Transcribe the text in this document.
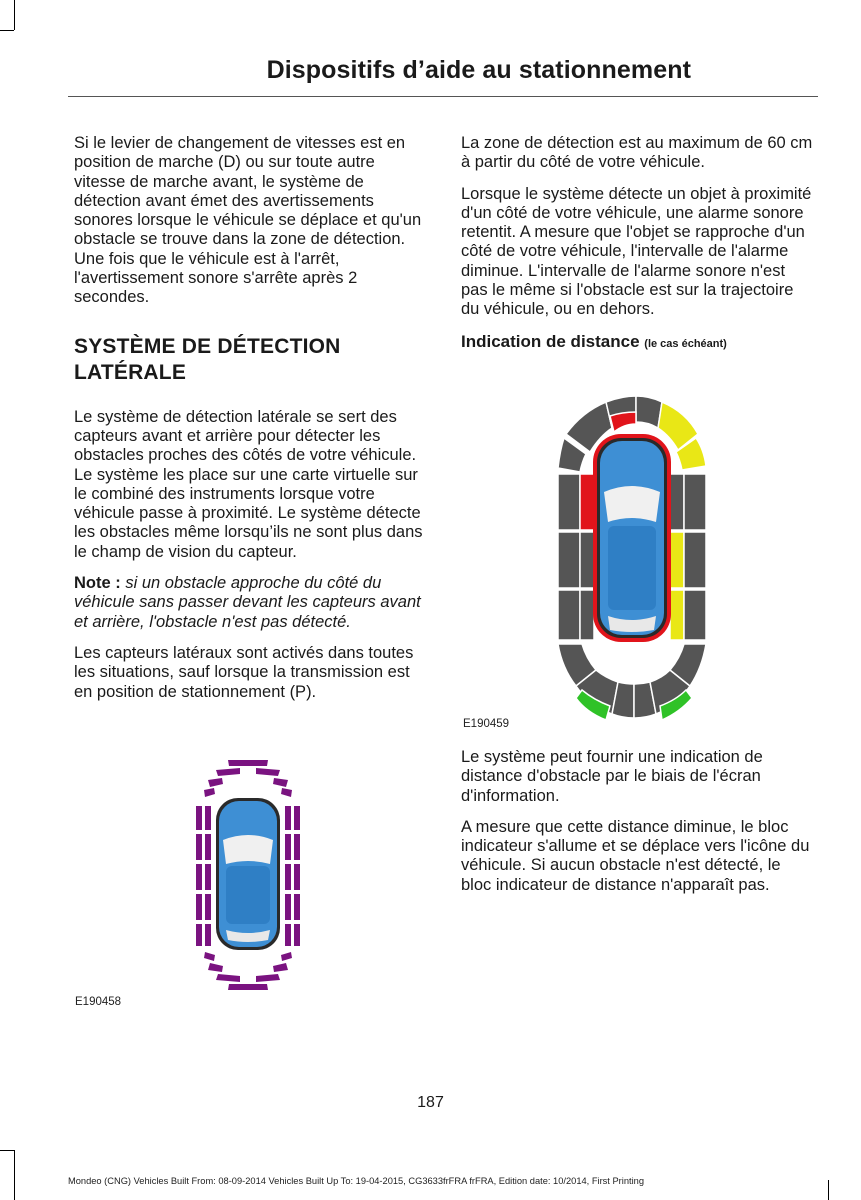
Dispositifs d’aide au stationnement

Si le levier de changement de vitesses est en position de marche (D) ou sur toute autre vitesse de marche avant, le système de détection avant émet des avertissements sonores lorsque le véhicule se déplace et qu'un obstacle se trouve dans la zone de détection. Une fois que le véhicule est à l'arrêt, l'avertissement sonore s'arrête après 2 secondes.

SYSTÈME DE DÉTECTION LATÉRALE

Le système de détection latérale se sert des capteurs avant et arrière pour détecter les obstacles proches des côtés de votre véhicule. Le système les place sur une carte virtuelle sur le combiné des instruments lorsque votre véhicule passe à proximité. Le système détecte les obstacles même lorsqu’ils ne sont plus dans le champ de vision du capteur.

Note : si un obstacle approche du côté du véhicule sans passer devant les capteurs avant et arrière, l'obstacle n'est pas détecté.

Les capteurs latéraux sont activés dans toutes les situations, sauf lorsque la transmission est en position de stationnement (P).

E190458

La zone de détection est au maximum de 60 cm à partir du côté de votre véhicule.

Lorsque le système détecte un objet à proximité d'un côté de votre véhicule, une alarme sonore retentit. A mesure que l'objet se rapproche d'un côté de votre véhicule, l'intervalle de l'alarme diminue. L'intervalle de l'alarme sonore n'est pas le même si l'obstacle est sur la trajectoire du véhicule, ou en dehors.

Indication de distance (le cas échéant)
E190459

Le système peut fournir une indication de distance d'obstacle par le biais de l'écran d'information.

A mesure que cette distance diminue, le bloc indicateur s'allume et se déplace vers l'icône du véhicule. Si aucun obstacle n'est détecté, le bloc indicateur de distance n'apparaît pas.

187
Mondeo (CNG) Vehicles Built From: 08-09-2014 Vehicles Built Up To: 19-04-2015, CG3633frFRA frFRA, Edition date: 10/2014, First Printing
